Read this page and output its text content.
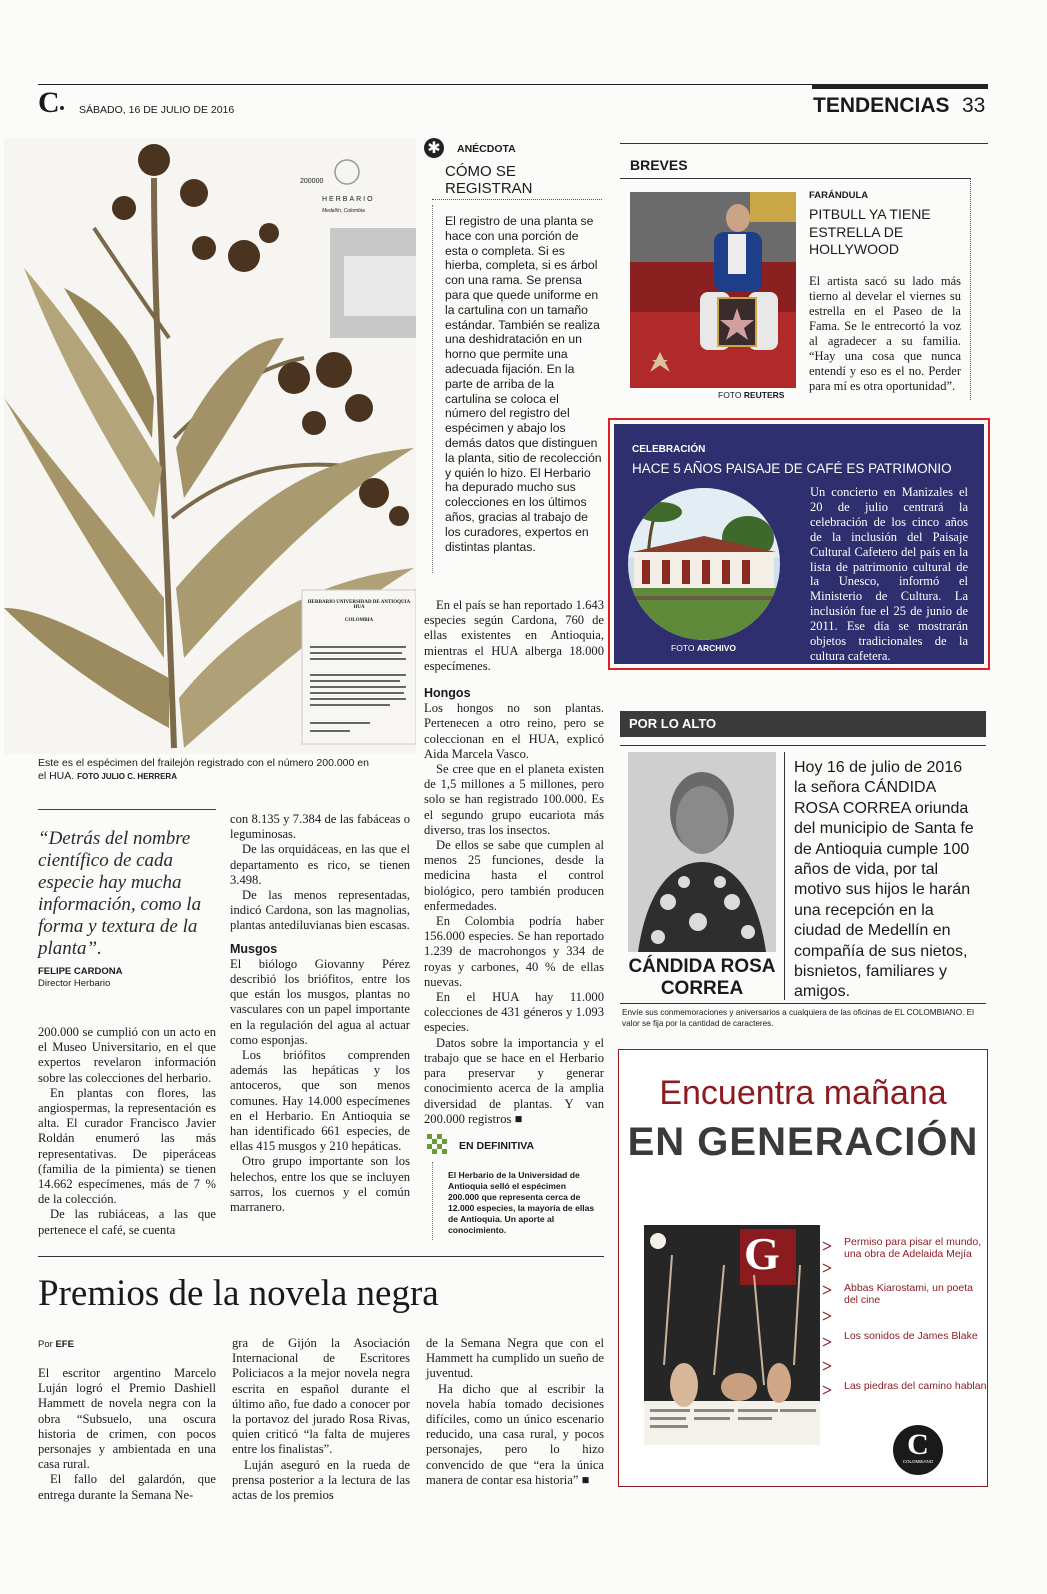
C SÁBADO, 16 DE JULIO DE 2016	TENDENCIAS 33
200000
HERBARIO
Medellín, Colombia
HERBARIO UNIVERSIDAD DE ANTIOQUIA HUA
COLOMBIA
Este es el espécimen del frailejón registrado con el número 200.000 en el HUA. FOTO JULIO C. HERRERA
✱	ANÉCDOTA
CÓMO SE REGISTRAN
El registro de una planta se hace con una porción de esta o completa. Si es hierba, completa, si es árbol con una rama. Se prensa para que quede uniforme en la cartulina con un tamaño estándar. También se realiza una deshidratación en un horno que permite una adecuada fijación. En la parte de arriba de la cartulina se coloca el número del registro del espécimen y abajo los demás datos que distinguen la planta, sitio de recolección y quién lo hizo. El Herbario ha depurado mucho sus colecciones en los últimos años, gracias al trabajo de los curadores, expertos en distintas plantas.
“Detrás del nombre científico de cada especie hay mucha información, como la forma y textura de la planta”.
FELIPE CARDONA
Director Herbario

200.000 se cumplió con un acto en el Museo Universitario, en el que expertos revelaron información sobre las colecciones del herbario.

En plantas con flores, las angiospermas, la representación es alta. El curador Francisco Javier Roldán enumeró las más representativas. De piperáceas (familia de la pimienta) se tienen 14.662 especímenes, más de 7 % de la colección.

De las rubiáceas, a las que pertenece el café, se cuenta

con 8.135 y 7.384 de las fabáceas o leguminosas.

De las orquidáceas, en las que el departamento es rico, se tienen 3.498.

De las menos representadas, indicó Cardona, son las magnolias, plantas antediluvianas bien escasas.

Musgos

El biólogo Giovanny Pérez describió los briófitos, entre los que están los musgos, plantas no vasculares con un papel importante en la regulación del agua al actuar como esponjas.

Los briófitos comprenden además las hepáticas y los antoceros, que son menos comunes. Hay 14.000 especímenes en el Herbario. En Antioquia se han identificado 661 especies, de ellas 415 musgos y 210 hepáticas.

Otro grupo importante son los helechos, entre los que se incluyen sarros, los cuernos y el común marranero.

En el país se han reportado 1.643 especies según Cardona, 760 de ellas existentes en Antioquia, mientras el HUA alberga 18.000 especímenes.

Hongos

Los hongos no son plantas. Pertenecen a otro reino, pero se coleccionan en el HUA, explicó Aida Marcela Vasco.

Se cree que en el planeta existen de 1,5 millones a 5 millones, pero solo se han registrado 100.000. Es el segundo grupo eucariota más diverso, tras los insectos.

De ellos se sabe que cumplen al menos 25 funciones, desde la medicina hasta el control biológico, pero también producen enfermedades.

En Colombia podría haber 156.000 especies. Se han reportado 1.239 de macrohongos y 334 de royas y carbones, 40 % de ellas nuevas.

En el HUA hay 11.000 colecciones de 431 géneros y 1.093 especies.

Datos sobre la importancia y el trabajo que se hace en el Herbario para preservar y generar conocimiento acerca de la amplia diversidad de plantas. Y van 200.000 registros ■

EN DEFINITIVA
El Herbario de la Universidad de Antioquia selló el espécimen 200.000 que representa cerca de 12.000 especies, la mayoría de ellas de Antioquia. Un aporte al conocimiento.
BREVES
FOTO REUTERS
FARÁNDULA
PITBULL YA TIENE ESTRELLA DE HOLLYWOOD
El artista sacó su lado más tierno al develar el viernes su estrella en el Paseo de la Fama. Se le entrecortó la voz al agradecer a su familia. “Hay una cosa que nunca entendí y eso es el no. Perder para mí es otra oportunidad”.
CELEBRACIÓN
HACE 5 AÑOS PAISAJE DE CAFÉ ES PATRIMONIO
FOTO ARCHIVO
Un concierto en Manizales el 20 de julio centrará la celebración de los cinco años de la inclusión del Paisaje Cultural Cafetero del país en la lista de patrimonio cultural de la Unesco, informó el Ministerio de Cultura. La inclusión fue el 25 de junio de 2011. Ese día se mostrarán objetos tradicionales de la cultura cafetera.
POR LO ALTO
CÁNDIDA ROSA CORREA
Hoy 16 de julio de 2016 la señora CÁNDIDA ROSA CORREA oriunda del municipio de Santa fe de Antioquia cumple 100 años de vida, por tal motivo sus hijos le harán una recepción en la ciudad de Medellín en compañía de sus nietos, bisnietos, familiares y amigos.
Envíe sus conmemoraciones y aniversarios a cualquiera de las oficinas de EL COLOMBIANO. El valor se fija por la cantidad de caracteres.
Encuentra mañana
EN GENERACIÓN
G > Permiso para pisar el mundo, una obra de Adelaida Mejía
>
> Abbas Kiarostami, un poeta del cine
>
> Los sonidos de James Blake
>
> Las piedras del camino hablan
C
COLOMBIANO
Premios de la novela negra
Por EFE

El escritor argentino Marcelo Luján logró el Premio Dashiell Hammett de novela negra con la obra “Subsuelo, una oscura historia de crimen, con pocos personajes y ambientada en una casa rural.

El fallo del galardón, que entrega durante la Semana Ne-

gra de Gijón la Asociación Internacional de Escritores Policiacos a la mejor novela negra escrita en español durante el último año, fue dado a conocer por la portavoz del jurado Rosa Rivas, quien criticó “la falta de mujeres entre los finalistas”.

Luján aseguró en la rueda de prensa posterior a la lectura de las actas de los premios

de la Semana Negra que con el Hammett ha cumplido un sueño de juventud.

Ha dicho que al escribir la novela había tomado decisiones difíciles, como un único escenario reducido, una casa rural, y pocos personajes, pero lo hizo convencido de que “era la única manera de contar esa historia” ■
